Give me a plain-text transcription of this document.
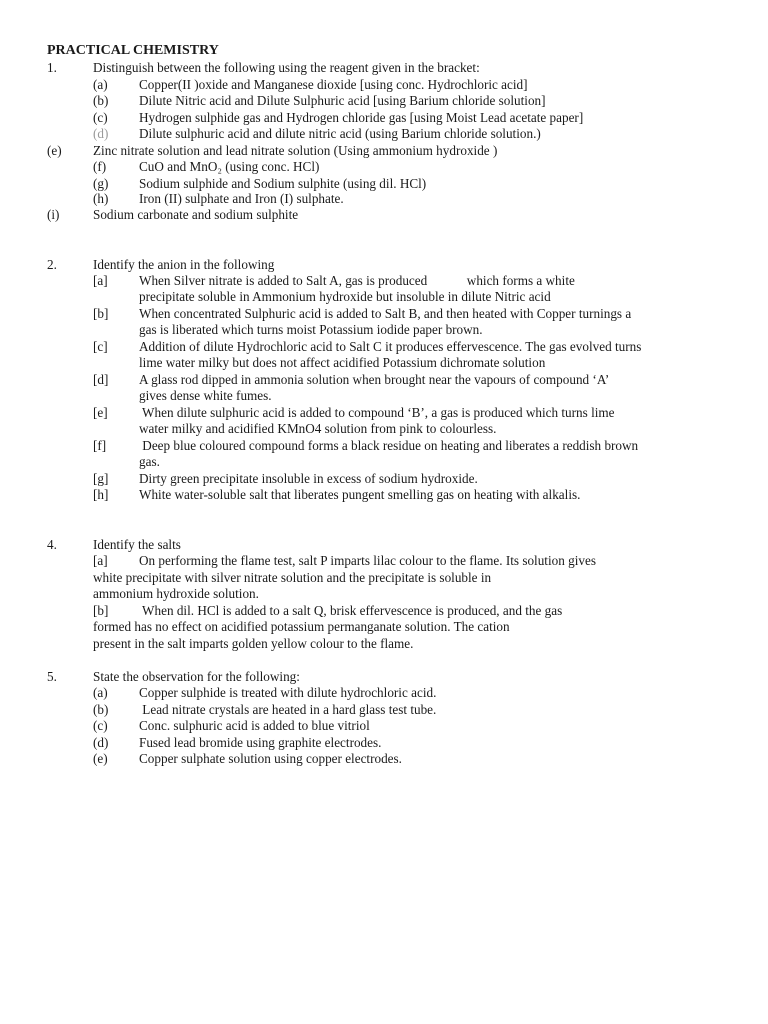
PRACTICAL CHEMISTRY
1.	Distinguish between the following using the reagent given in the bracket:
(a) Copper(II )oxide and Manganese dioxide [using conc. Hydrochloric acid]
(b) Dilute Nitric acid and Dilute Sulphuric acid [using Barium chloride solution]
(c) Hydrogen sulphide gas and Hydrogen chloride gas [using Moist Lead acetate paper]
(d) Dilute sulphuric acid and dilute nitric acid (using Barium chloride solution.)
(e) Zinc nitrate solution and lead nitrate solution (Using ammonium hydroxide )
(f) CuO and MnO₂ (using conc. HCl)
(g) Sodium sulphide and Sodium sulphite (using dil. HCl)
(h) Iron (II) sulphate and Iron (I) sulphate.
(i)	Sodium carbonate and sodium sulphite
2.	Identify the anion in the following
[a] When Silver nitrate is added to Salt A, gas is produced            which forms a white
precipitate soluble in Ammonium hydroxide but insoluble in dilute Nitric acid
[b] When concentrated Sulphuric acid is added to Salt B, and then heated with Copper turnings a
gas is liberated which turns moist Potassium iodide paper brown.
[c] Addition of dilute Hydrochloric acid to Salt C it produces effervescence. The gas evolved turns
lime water milky but does not affect acidified Potassium dichromate solution
[d] A glass rod dipped in ammonia solution when brought near the vapours of compound ‘A’
gives dense white fumes.
[e] When dilute sulphuric acid is added to compound ‘B’, a gas is produced which turns lime
water milky and acidified KMnO4 solution from pink to colourless.
[f] Deep blue coloured compound forms a black residue on heating and liberates a reddish brown
gas.
[g] Dirty green precipitate insoluble in excess of sodium hydroxide.
[h] White water-soluble salt that liberates pungent smelling gas on heating with alkalis.
4.	Identify the salts
[a] On performing the flame test, salt P imparts lilac colour to the flame. Its solution gives
white precipitate with silver nitrate solution and the precipitate is soluble in
ammonium hydroxide solution.
[b] When dil. HCl is added to a salt Q, brisk effervescence is produced, and the gas
formed has no effect on acidified potassium permanganate solution. The cation
present in the salt imparts golden yellow colour to the flame.
5.	State the observation for the following:
(a) Copper sulphide is treated with dilute hydrochloric acid.
(b) Lead nitrate crystals are heated in a hard glass test tube.
(c) Conc. sulphuric acid is added to blue vitriol
(d) Fused lead bromide using graphite electrodes.
(e) Copper sulphate solution using copper electrodes.
